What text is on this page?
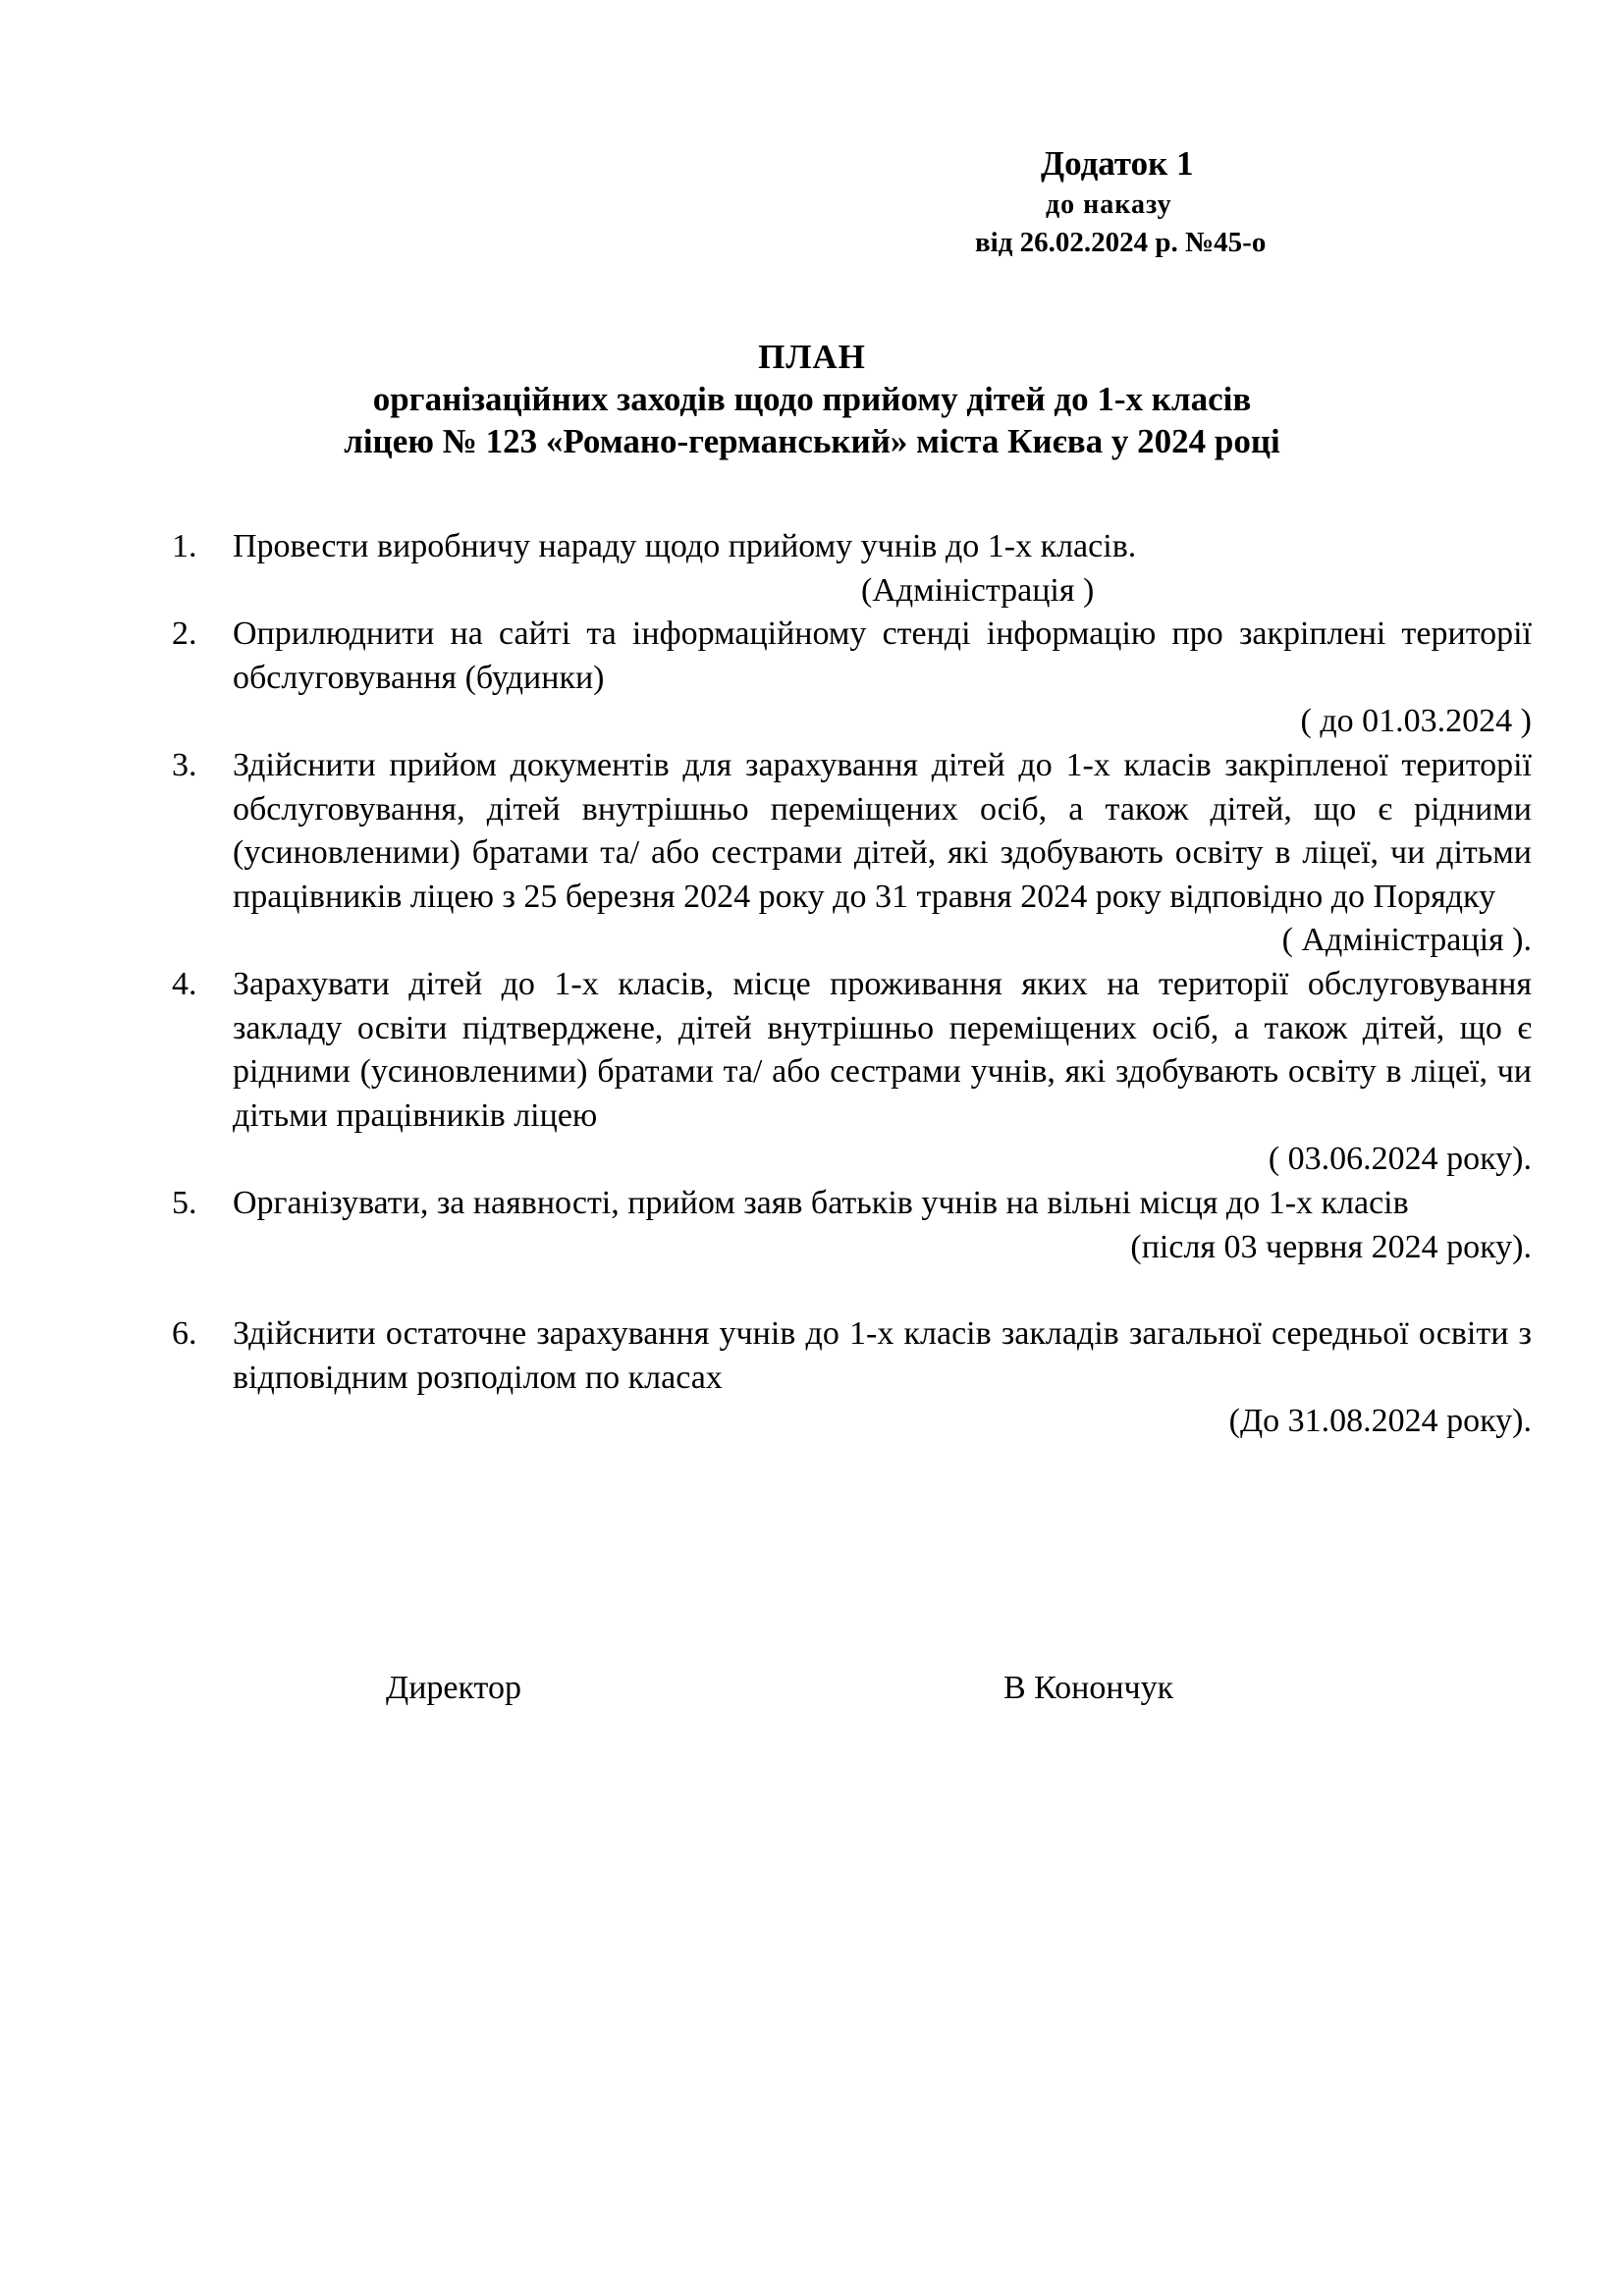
Додаток 1
до наказу
від 26.02.2024 р. №45-о
ПЛАН
організаційних заходів щодо прийому дітей до 1-х класів
ліцею № 123 «Романо-германський» міста Києва у 2024 році
1.	Провести виробничу нараду щодо прийому учнів до 1-х класів.
(Адміністрація )
2.	Оприлюднити на сайті та інформаційному стенді інформацію про закріплені території обслуговування (будинки)
( до 01.03.2024 )
3.	Здійснити прийом документів для зарахування дітей до 1-х класів закріпленої території обслуговування, дітей внутрішньо переміщених осіб, а також дітей, що є рідними (усиновленими) братами та/ або сестрами дітей, які здобувають освіту в ліцеї, чи дітьми працівників ліцею з 25 березня 2024 року до 31 травня 2024 року відповідно до Порядку
( Адміністрація ).
4.	Зарахувати дітей до 1-х класів, місце проживання яких на території обслуговування закладу освіти підтверджене, дітей внутрішньо переміщених осіб, а також дітей, що є рідними (усиновленими) братами та/ або сестрами учнів, які здобувають освіту в ліцеї, чи дітьми працівників ліцею
( 03.06.2024 року).
5.	Організувати, за наявності, прийом заяв батьків учнів на вільні місця до 1-х класів
(після 03 червня 2024 року).
6.	Здійснити остаточне зарахування учнів до 1-х класів закладів загальної середньої освіти з відповідним розподілом по класах
(До 31.08.2024 року).
Директор	В Конончук
